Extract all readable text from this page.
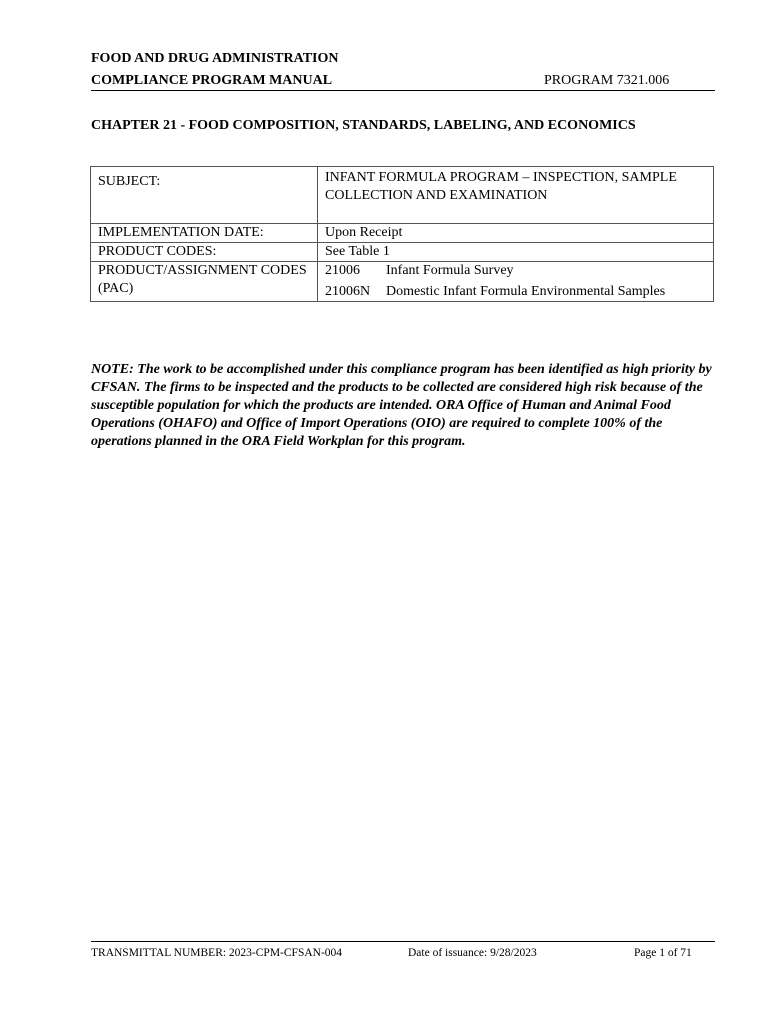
FOOD AND DRUG ADMINISTRATION
COMPLIANCE PROGRAM MANUAL	PROGRAM 7321.006
CHAPTER 21 - FOOD COMPOSITION, STANDARDS, LABELING, AND ECONOMICS
SUBJECT:	INFANT FORMULA PROGRAM – INSPECTION, SAMPLE COLLECTION AND EXAMINATION
IMPLEMENTATION DATE:	Upon Receipt
PRODUCT CODES:	See Table 1
PRODUCT/ASSIGNMENT CODES (PAC)	21006 Infant Formula Survey
21006N Domestic Infant Formula Environmental Samples
NOTE: The work to be accomplished under this compliance program has been identified as high priority by CFSAN. The firms to be inspected and the products to be collected are considered high risk because of the susceptible population for which the products are intended. ORA Office of Human and Animal Food Operations (OHAFO) and Office of Import Operations (OIO) are required to complete 100% of the operations planned in the ORA Field Workplan for this program.
TRANSMITTAL NUMBER: 2023-CPM-CFSAN-004	Date of issuance: 9/28/2023	Page 1 of 71
